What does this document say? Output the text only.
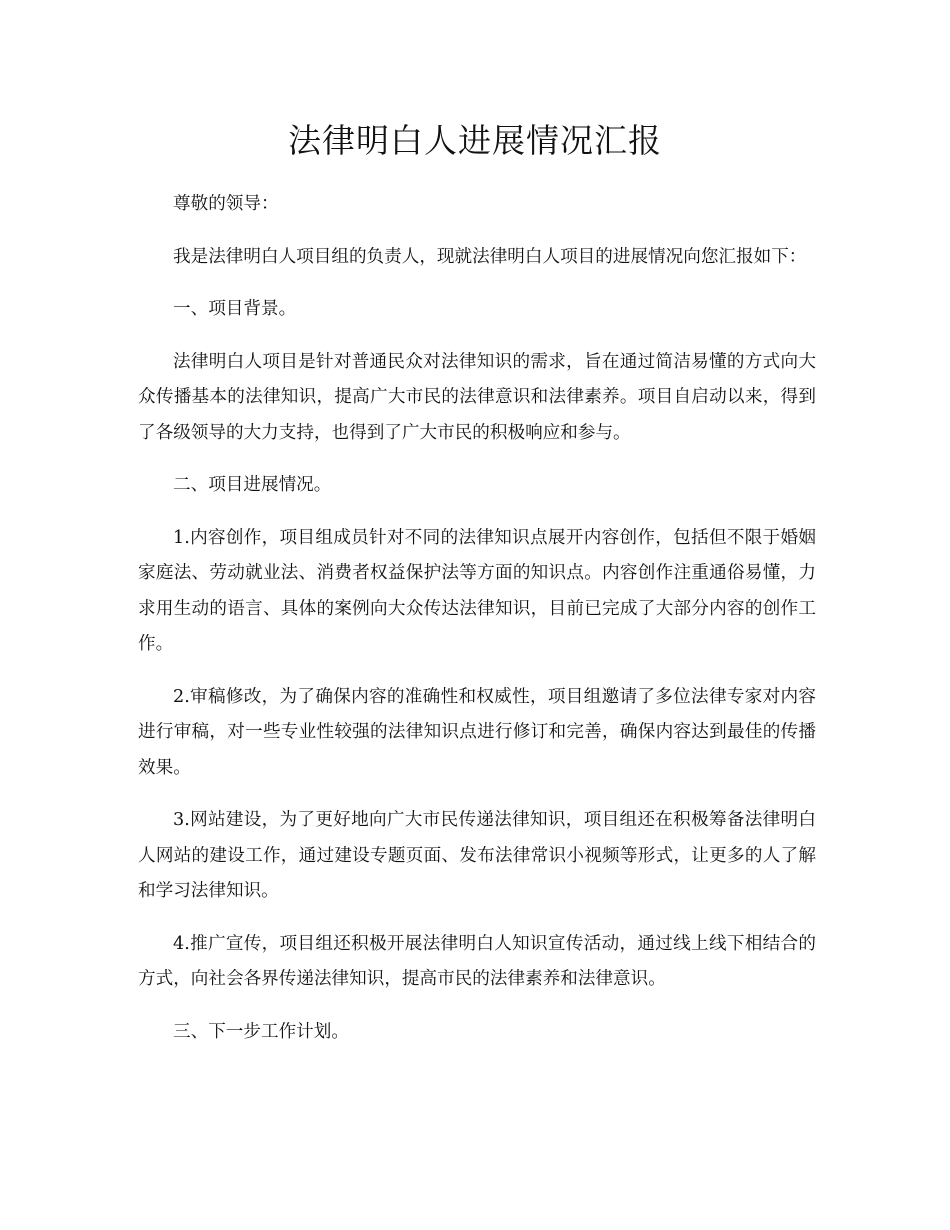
法律明白人进展情况汇报

尊敬的领导：

我是法律明白人项目组的负责人，现就法律明白人项目的进展情况向您汇报如下：

一、项目背景。

法律明白人项目是针对普通民众对法律知识的需求，旨在通过简洁易懂的方式向大众传播基本的法律知识，提高广大市民的法律意识和法律素养。项目自启动以来，得到了各级领导的大力支持，也得到了广大市民的积极响应和参与。

二、项目进展情况。

1.内容创作，项目组成员针对不同的法律知识点展开内容创作，包括但不限于婚姻家庭法、劳动就业法、消费者权益保护法等方面的知识点。内容创作注重通俗易懂，力求用生动的语言、具体的案例向大众传达法律知识，目前已完成了大部分内容的创作工作。

2.审稿修改，为了确保内容的准确性和权威性，项目组邀请了多位法律专家对内容进行审稿，对一些专业性较强的法律知识点进行修订和完善，确保内容达到最佳的传播效果。

3.网站建设，为了更好地向广大市民传递法律知识，项目组还在积极筹备法律明白人网站的建设工作，通过建设专题页面、发布法律常识小视频等形式，让更多的人了解和学习法律知识。

4.推广宣传，项目组还积极开展法律明白人知识宣传活动，通过线上线下相结合的方式，向社会各界传递法律知识，提高市民的法律素养和法律意识。

三、下一步工作计划。
